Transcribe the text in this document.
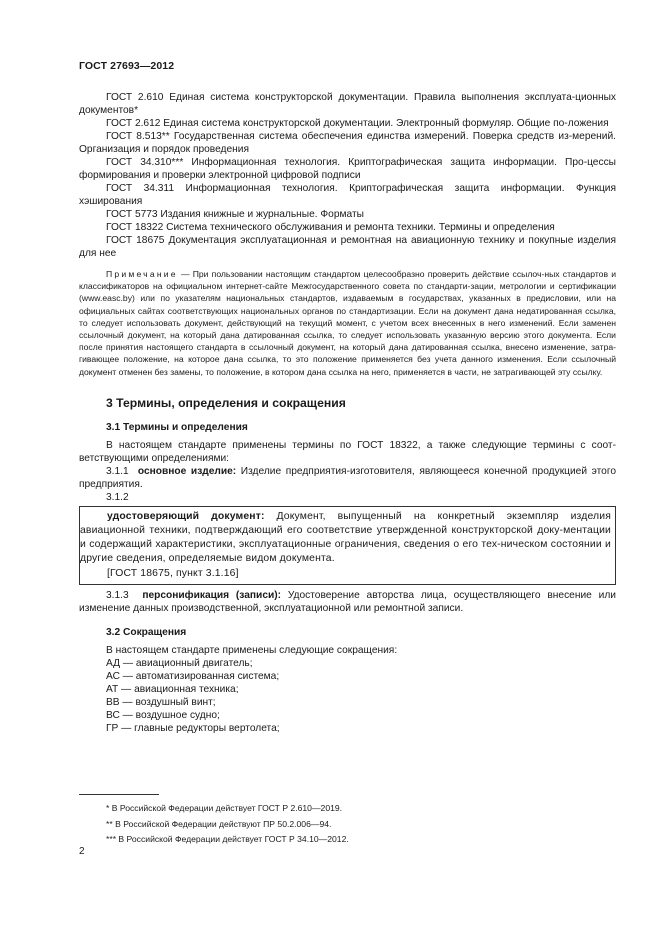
ГОСТ 27693—2012

ГОСТ 2.610 Единая система конструкторской документации. Правила выполнения эксплуата-ционных документов*

ГОСТ 2.612 Единая система конструкторской документации. Электронный формуляр. Общие по-ложения

ГОСТ 8.513** Государственная система обеспечения единства измерений. Поверка средств из-мерений. Организация и порядок проведения

ГОСТ 34.310*** Информационная технология. Криптографическая защита информации. Про-цессы формирования и проверки электронной цифровой подписи

ГОСТ 34.311 Информационная технология. Криптографическая защита информации. Функция хэширования

ГОСТ 5773 Издания книжные и журнальные. Форматы

ГОСТ 18322 Система технического обслуживания и ремонта техники. Термины и определения

ГОСТ 18675 Документация эксплуатационная и ремонтная на авиационную технику и покупные изделия для нее

Примечание — При пользовании настоящим стандартом целесообразно проверить действие ссылоч-ных стандартов и классификаторов на официальном интернет-сайте Межгосударственного совета по стандарти-зации, метрологии и сертификации (www.easc.by) или по указателям национальных стандартов, издаваемым в государствах, указанных в предисловии, или на официальных сайтах соответствующих национальных органов по стандартизации. Если на документ дана недатированная ссылка, то следует использовать документ, действующий на текущий момент, с учетом всех внесенных в него изменений. Если заменен ссылочный документ, на который дана датированная ссылка, то следует использовать указанную версию этого документа. Если после принятия настоящего стандарта в ссылочный документ, на который дана датированная ссылка, внесено изменение, затра-гивающее положение, на которое дана ссылка, то это положение применяется без учета данного изменения. Если ссылочный документ отменен без замены, то положение, в котором дана ссылка на него, применяется в части, не затрагивающей эту ссылку.

3 Термины, определения и сокращения
3.1 Термины и определения

В настоящем стандарте применены термины по ГОСТ 18322, а также следующие термины с соот-ветствующими определениями:

3.1.1 основное изделие: Изделие предприятия-изготовителя, являющееся конечной продукцией этого предприятия.

3.1.2

удостоверяющий документ: Документ, выпущенный на конкретный экземпляр изделия авиационной техники, подтверждающий его соответствие утвержденной конструкторской доку-ментации и содержащий характеристики, эксплуатационные ограничения, сведения о его тех-ническом состоянии и другие сведения, определяемые видом документа.

[ГОСТ 18675, пункт 3.1.16]

3.1.3 персонификация (записи): Удостоверение авторства лица, осуществляющего внесение или изменение данных производственной, эксплуатационной или ремонтной записи.

3.2 Сокращения

В настоящем стандарте применены следующие сокращения:

АД — авиационный двигатель;

АС — автоматизированная система;

АТ — авиационная техника;

ВВ — воздушный винт;

ВС — воздушное судно;

ГР — главные редукторы вертолета;

* В Российской Федерации действует ГОСТ Р 2.610—2019.

** В Российской Федерации действуют ПР 50.2.006—94.

*** В Российской Федерации действует ГОСТ Р 34.10—2012.

2
